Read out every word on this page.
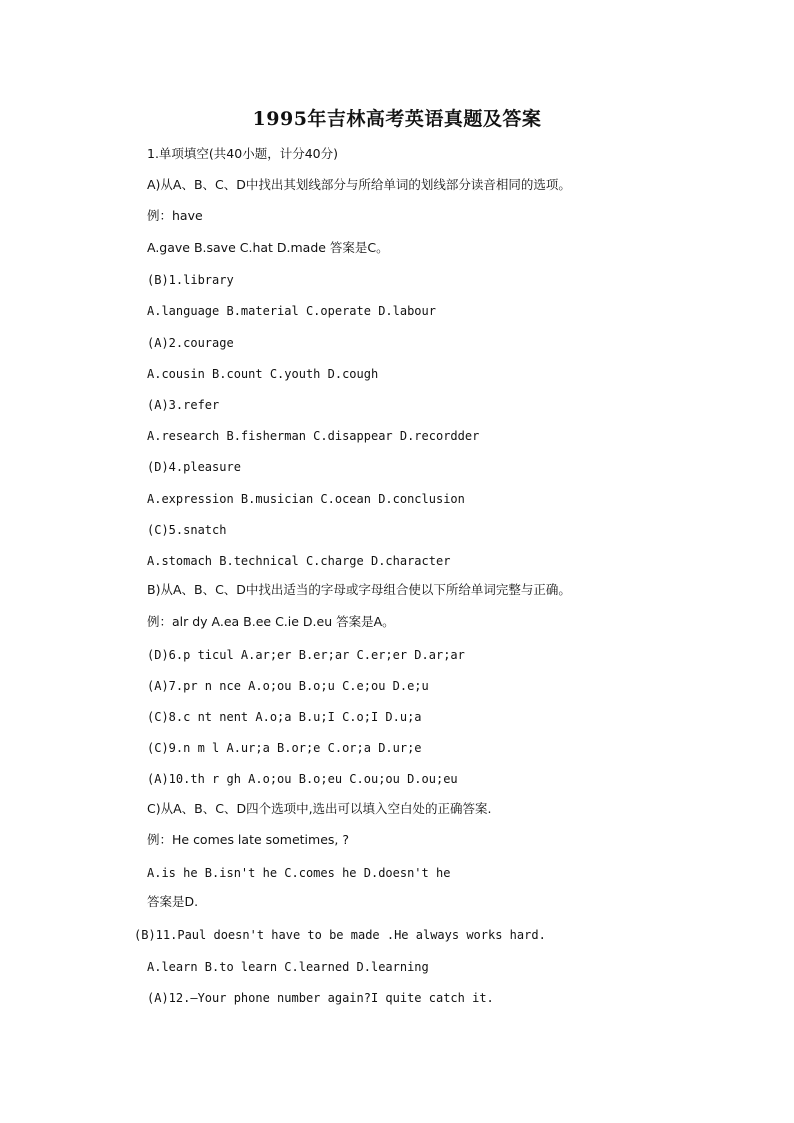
1995年吉林高考英语真题及答案

1.单项填空(共40小题，计分40分)

A)从A、B、C、D中找出其划线部分与所给单词的划线部分读音相同的选项。

例：have

A.gave B.save C.hat D.made 答案是C。

(B)1.library

A.language B.material C.operate D.labour

(A)2.courage

A.cousin B.count C.youth D.cough

(A)3.refer

A.research B.fisherman C.disappear D.recordder

(D)4.pleasure

A.expression B.musician C.ocean D.conclusion

(C)5.snatch

A.stomach B.technical C.charge D.character

B)从A、B、C、D中找出适当的字母或字母组合使以下所给单词完整与正确。

例：alr dy A.ea B.ee C.ie D.eu 答案是A。

(D)6.p ticul A.ar;er B.er;ar C.er;er D.ar;ar

(A)7.pr n nce A.o;ou B.o;u C.e;ou D.e;u

(C)8.c nt nent A.o;a B.u;I C.o;I D.u;a

(C)9.n m l A.ur;a B.or;e C.or;a D.ur;e

(A)10.th r gh A.o;ou B.o;eu C.ou;ou D.ou;eu

C)从A、B、C、D四个选项中,选出可以填入空白处的正确答案.

例：He comes late sometimes, ?

A.is he B.isn't he C.comes he D.doesn't he

答案是D.

(B)11.Paul doesn't have to be made .He always works hard.

A.learn B.to learn C.learned D.learning

(A)12.—Your phone number again?I quite catch it.
